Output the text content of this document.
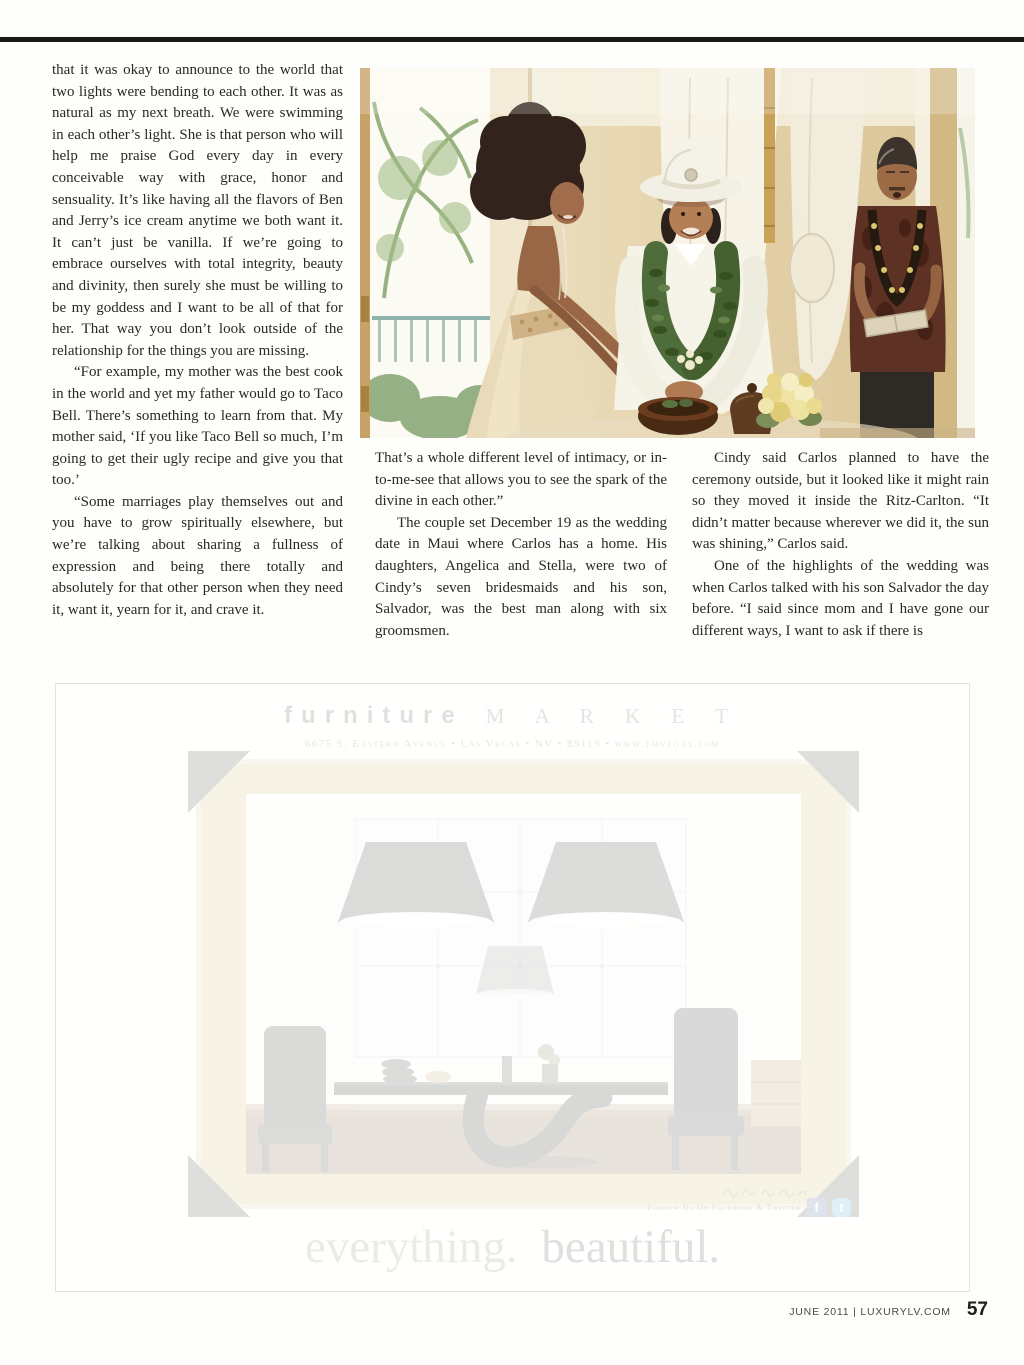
that it was okay to announce to the world that two lights were bending to each other. It was as natural as my next breath. We were swimming in each other’s light. She is that person who will help me praise God every day in every conceivable way with grace, honor and sensuality. It’s like having all the flavors of Ben and Jerry’s ice cream anytime we both want it. It can’t just be vanilla. If we’re going to embrace ourselves with total integrity, beauty and divinity, then surely she must be willing to be my goddess and I want to be all of that for her. That way you don’t look outside of the relationship for the things you are missing.

“For example, my mother was the best cook in the world and yet my father would go to Taco Bell. There’s something to learn from that. My mother said, ‘If you like Taco Bell so much, I’m going to get their ugly recipe and give you that too.’

“Some marriages play themselves out and you have to grow spiritually elsewhere, but we’re talking about sharing a fullness of expression and being there totally and absolutely for that other person when they need it, want it, yearn for it, and crave it.

That’s a whole different level of intimacy, or in-to-me-see that allows you to see the spark of the divine in each other.”

The couple set December 19 as the wedding date in Maui where Carlos has a home. His daughters, Angelica and Stella, were two of Cindy’s seven bridesmaids and his son, Salvador, was the best man along with six groomsmen.

Cindy said Carlos planned to have the ceremony outside, but it looked like it might rain so they moved it inside the Ritz-Carlton. “It didn’t matter because wherever we did it, the sun was shining,” Carlos said.

One of the highlights of the wedding was when Carlos talked with his son Salvador the day before. “I said since mom and I have gone our different ways, I want to ask if there is

furniture M A R K E T
6675 S. Eastern Avenue • Las Vegas • NV • 89119 • www.fmvegas.com
Follow Us On Facebook & Twitter	f	t
everything. beautiful.
JUNE 2011 | LUXURYLV.COM 57
